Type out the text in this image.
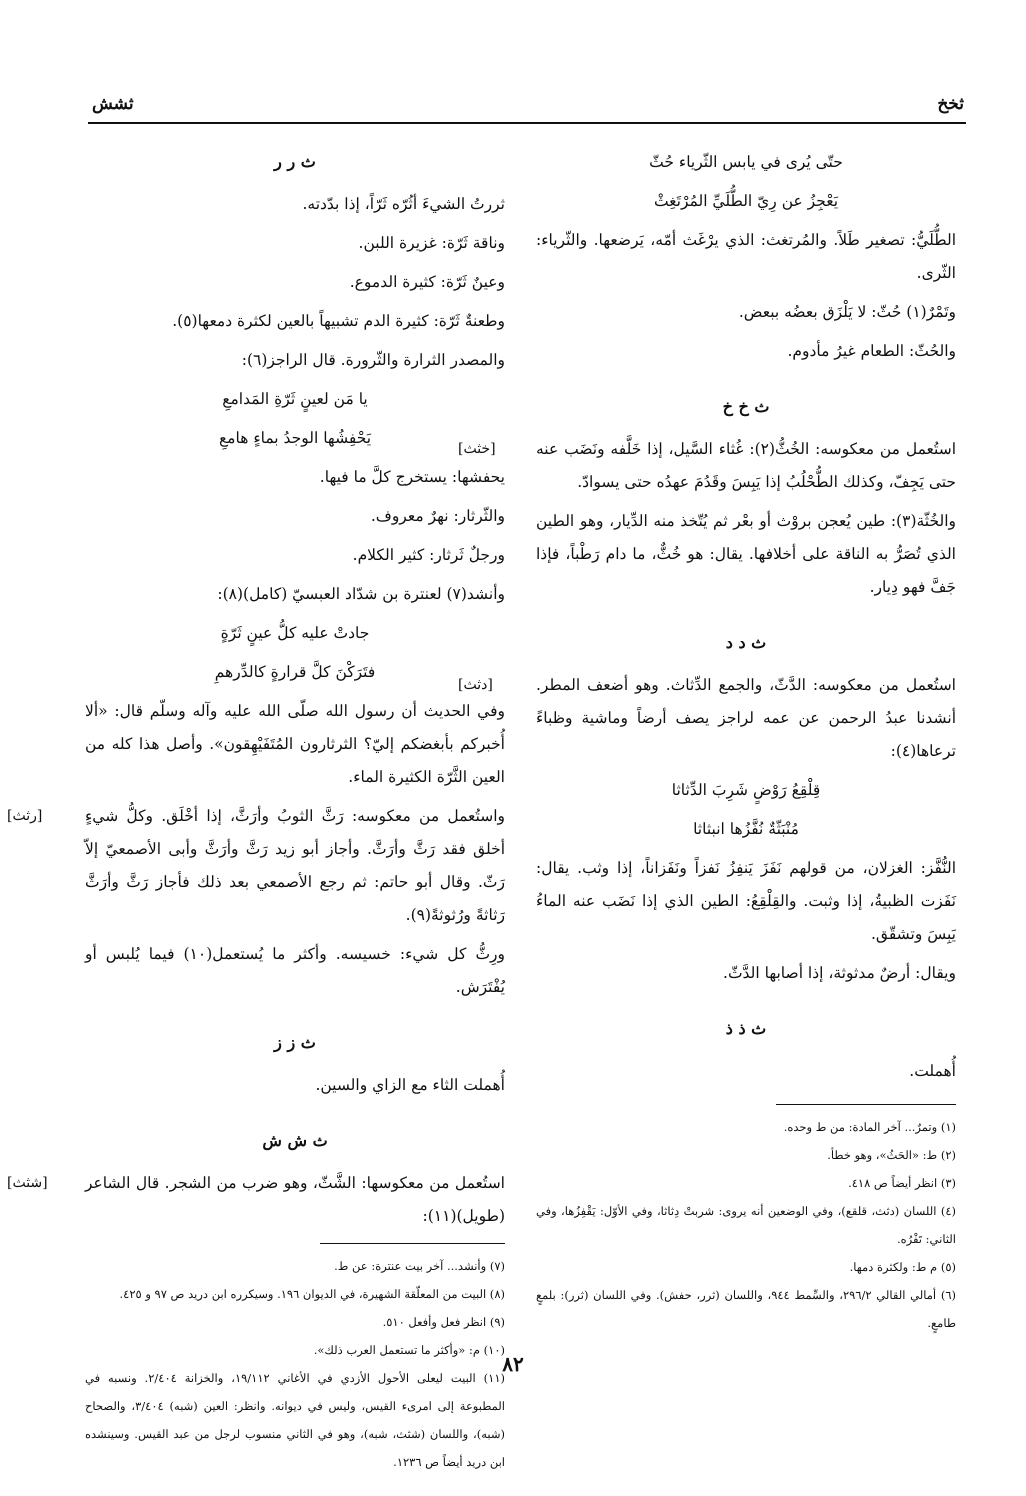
ثخخ
ثشش
حتّى يُرى في يابس الثّرياء حُثّ
يَعْجِزُ عن رِيّ الطُّلَيِّ المُرْتَغِثْ

الطُّلَيُّ: تصغير طَلاً. والمُرتغث: الذي يرْغَث أمّه، يَرضعها. والثّرياء: الثّرى.

وتَمْرٌ(١) حُثّ: لا يَلْزَق بعضُه ببعض.

والحُثّ: الطعام غيرُ مأدوم.

ث خ خ
[خثث]	استُعمل من معكوسه: الخُثُّ(٢): غُثاء السَّيل، إذا خَلَّفه ونَضَب عنه حتى يَجِفّ، وكذلك الطُّحْلُبُ إذا يَبِسَ وقَدُمَ عهدُه حتى يسوادّ.

والخُثّة(٣): طين يُعجن بروْث أو بعْر ثم يُتّخذ منه الدِّيار، وهو الطين الذي تُصَرُّ به الناقة على أخلافها. يقال: هو خُثٌّ، ما دام رَطْباً، فإذا جَفَّ فهو دِيار.

ث د د
[دثث]	استُعمل من معكوسه: الدَّثّ، والجمع الدِّثاث. وهو أضعف المطر. أنشدنا عبدُ الرحمن عن عمه لراجز يصف أرضاً وماشية وظباءً ترعاها(٤):

قِلْقِعُ رَوْضٍ شَرِبَ الدِّثاثا
مُنْبَثّةٌ نُفَّزُها انبثاثا

النُّفَّز: الغزلان، من قولهم نَفَزَ يَنفِزُ نَفزاً ونَفَزاناً، إذا وثب. يقال: نَفَزت الظبيةُ، إذا وثبت. والقِلْقِعُ: الطين الذي إذا نَضَب عنه الماءُ يَبِسَ وتشقّق.

ويقال: أرضٌ مدثوثة، إذا أصابها الدَّثّ.

ث ذ ذ

أُهملت.

(١) وتمرٌ... آخر المادة: من ط وحده.

(٢) ط: «الحَثُ»، وهو خطأ.

(٣) انظر أيضاً ص ٤١٨.

(٤) اللسان (دثث، قلقع)، وفي الوضعين أنه يروى: شربتْ دِثاثا، وفي الأوّل: يَقْفِزُها، وفي الثاني: تَفْرُه.

(٥) م ط: ولكثرة دمها.

(٦) أمالي القالي ٢٩٦/٢، والسِّمط ٩٤٤، واللسان (ثرر، حفش). وفي اللسان (ثرر): بلمعٍ طامعٍ.

ث ر ر

ثررتُ الشيءَ أثُرّه ثَرّاً، إذا بدّدته.

وناقة ثَرّة: غزيرة اللبن.

وعينٌ ثَرّة: كثيرة الدموع.

وطعنةٌ ثَرّة: كثيرة الدم تشبيهاً بالعين لكثرة دمعها(٥).

والمصدر الثرارة والثّرورة. قال الراجز(٦):

يا مَن لعينٍ ثَرّةِ المَدامعِ
يَحْفِشُها الوجدُ بماءٍ هامعِ

يحفشها: يستخرج كلَّ ما فيها.

والثّرثار: نهرٌ معروف.

ورجلٌ ثَرثار: كثير الكلام.

وأنشد(٧) لعنترة بن شدّاد العبسيّ (كامل)(٨):

جادتْ عليه كلُّ عينٍ ثَرّةٍ
فتَرَكْنَ كلَّ قرارةٍ كالدِّرهمِ

وفي الحديث أن رسول الله صلّى الله عليه وآله وسلّم قال: «ألا أُخبركم بأبغضكم إليّ؟ الثرثارون المُتَفَيْهِقون». وأصل هذا كله من العين الثَّرّة الكثيرة الماء.

[رثث]	واستُعمل من معكوسه: رَثَّ الثوبُ وأرَثَّ، إذا أخْلَق. وكلُّ شيءٍ أخلق فقد رَثَّ وأرَثَّ. وأجاز أبو زيد رَثَّ وأرَثَّ وأبى الأصمعيّ إلاّ رَثّ. وقال أبو حاتم: ثم رجع الأصمعي بعد ذلك فأجاز رَثَّ وأرَثَّ رَثاثةً ورُثوثةً(٩).

ورِثُّ كل شيء: خسيسه. وأكثر ما يُستعمل(١٠) فيما يُلبس أو يُفْتَرَش.

ث ز ز

أُهملت الثاء مع الزاي والسين.

ث ش ش
[شثث] استُعمل من معكوسها: الشَّثّ، وهو ضرب من الشجر. قال الشاعر (طويل)(١١):

(٧) وأنشد... آخر بيت عنترة: عن ط.

(٨) البيت من المعلّقة الشهيرة، في الديوان ١٩٦. وسيكرره ابن دريد ص ٩٧ و ٤٢٥.

(٩) انظر فعل وأفعل ٥١٠.

(١٠) م: «وأكثر ما تستعمل العرب ذلك».

(١١) البيت ليعلى الأحول الأزدي في الأغاني ١٩/١١٢، والخزانة ٢/٤٠٤. ونسبه في المطبوعة إلى امرىء القيس، وليس في ديوانه. وانظر: العين (شبه) ٣/٤٠٤، والصحاح (شبه)، واللسان (شثث، شبه)، وهو في الثاني منسوب لرجل من عبد القيس. وسينشده ابن دريد أيضاً ص ١٢٣٦.

٨٢
